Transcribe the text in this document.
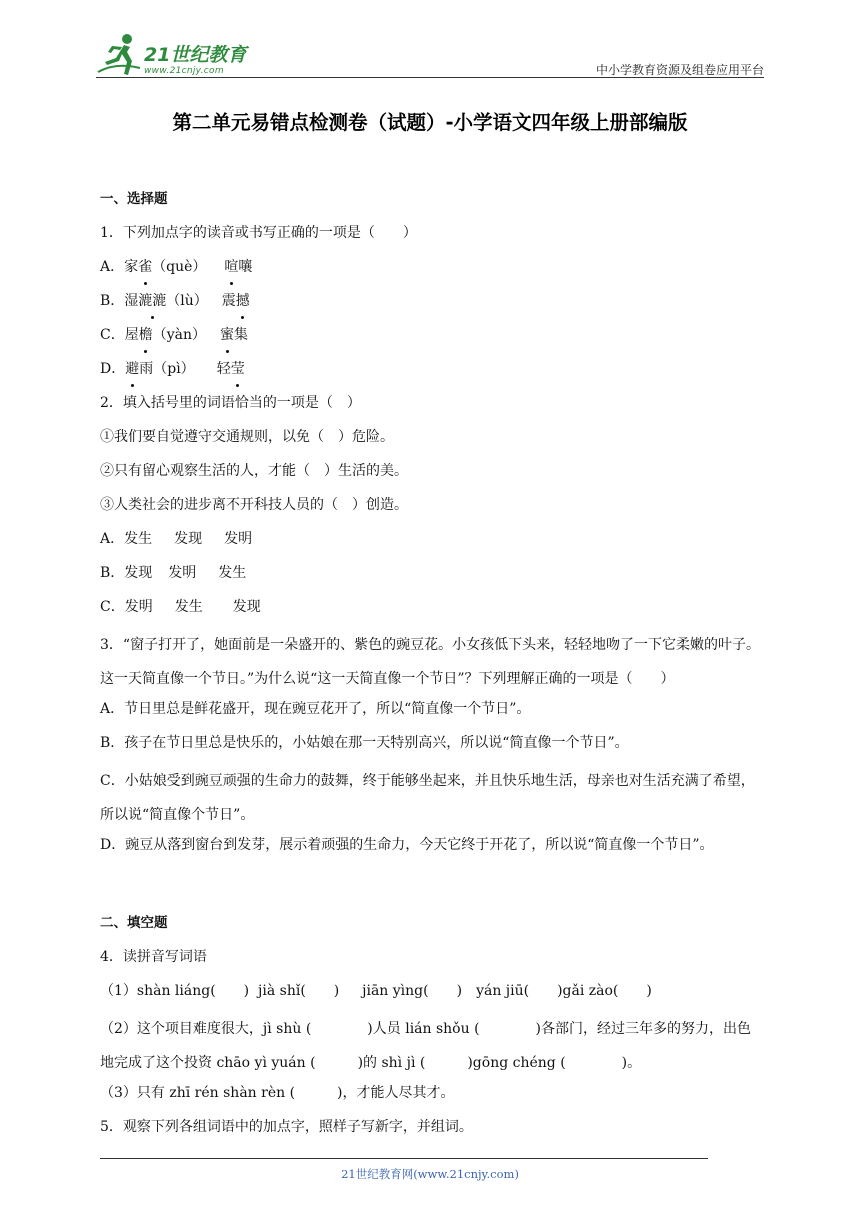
21世纪教育
www.21cnjy.com	中小学教育资源及组卷应用平台
第二单元易错点检测卷（试题）-小学语文四年级上册部编版
一、选择题
1．下列加点字的读音或书写正确的一项是（　　）
A．家雀（què） 喧嚷
B．湿漉漉（lù） 震撼
C．屋檐（yàn） 蜜集
D．避雨（pì） 轻莹
2．填入括号里的词语恰当的一项是（　）
①我们要自觉遵守交通规则，以免（　）危险。
②只有留心观察生活的人，才能（　）生活的美。
③人类社会的进步离不开科技人员的（　）创造。
A．发生 发现 发明
B．发现 发明 发生
C．发明 发生 发现
3．“窗子打开了，她面前是一朵盛开的、紫色的豌豆花。小女孩低下头来，轻轻地吻了一下它柔嫩的叶子。这一天简直像一个节日。”为什么说“这一天简直像一个节日”？下列理解正确的一项是（　　）
A．节日里总是鲜花盛开，现在豌豆花开了，所以“简直像一个节日”。
B．孩子在节日里总是快乐的，小姑娘在那一天特别高兴，所以说“简直像一个节日”。
C．小姑娘受到豌豆顽强的生命力的鼓舞，终于能够坐起来，并且快乐地生活，母亲也对生活充满了希望，所以说“简直像个节日”。
D．豌豆从落到窗台到发芽，展示着顽强的生命力，今天它终于开花了，所以说“简直像一个节日”。
二、填空题
4．读拼音写词语
（1）shàn liáng(　　)  jià shǐ(　　)　  jiān yìng(　　)　yán jiū(　　)gǎi zào(　　)
（2）这个项目难度很大，jì shù (　　　　)人员 lián shǒu (　　　　)各部门，经过三年多的努力，出色地完成了这个投资 chāo yì yuán (　　　)的 shì jì (　　　)gōng chéng (　　　　)。
（3）只有 zhī rén shàn rèn (　　　)，才能人尽其才。
5．观察下列各组词语中的加点字，照样子写新字，并组词。
21世纪教育网(www.21cnjy.com)
